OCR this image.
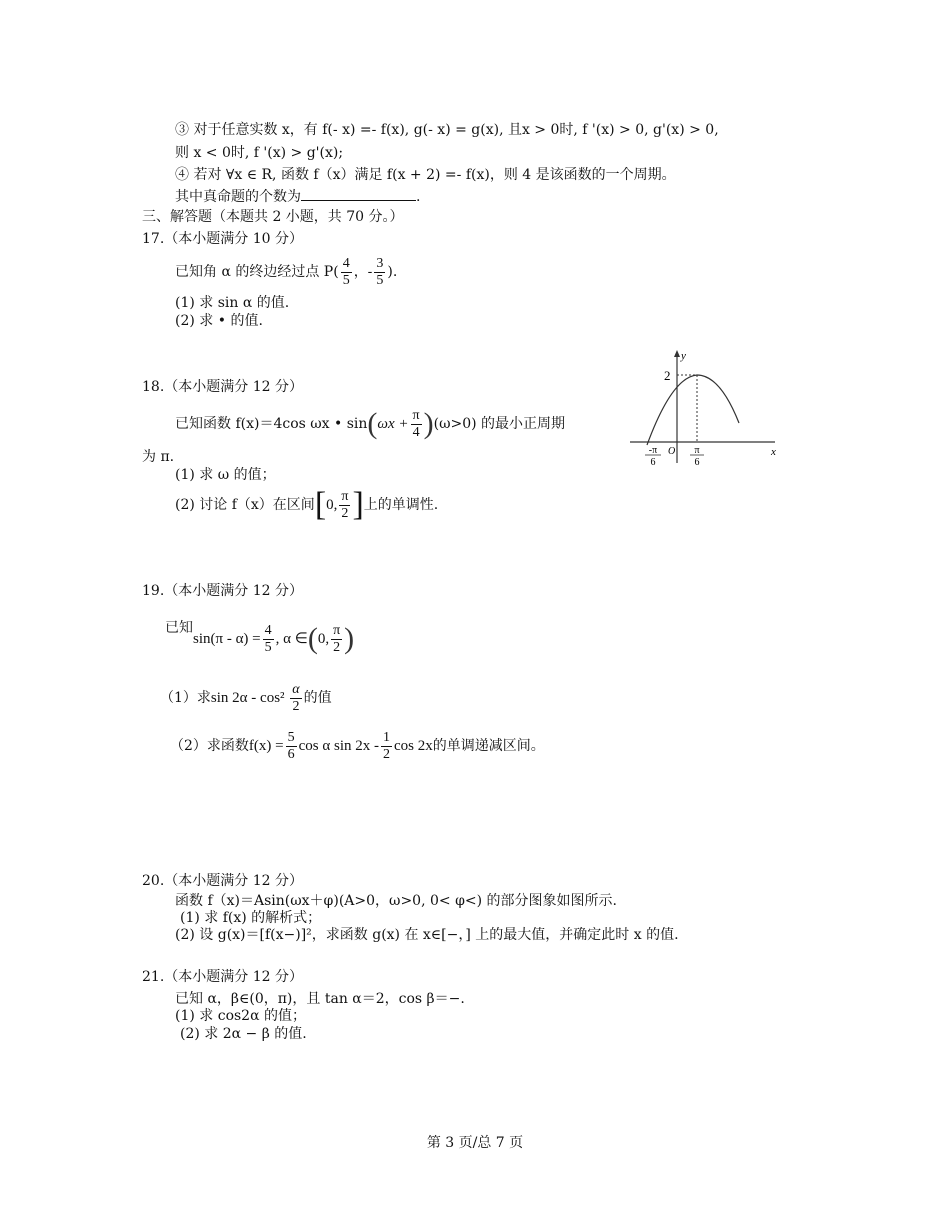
③ 对于任意实数 x，有 f(- x) =- f(x), g(- x) = g(x), 且x > 0时, f '(x) > 0, g'(x) > 0,
则 x < 0时, f '(x) > g'(x);
④ 若对 ∀x ∈ R, 函数 f（x）满足 f(x + 2) =- f(x)，则 4 是该函数的一个周期。
其中真命题的个数为	.
三、解答题（本题共 2 小题，共 70 分。）
17.（本小题满分 10 分）
已知角 α 的终边经过点 $P( \frac{4}{5}$ ，- $\frac{3}{5}$ ).
(1) 求 sin α 的值.
(2) 求 • 的值.
18.（本小题满分 12 分）
已知函数 f(x)＝4cos ωx • $\sin(\omega x + \frac{\pi}{4} )(\omega>0)$ 的最小正周期
为 π.
(1) 求 ω 的值；
(2) 讨论 f（x）在区间[0, $\frac{\pi}{2}$ ]上的单调性.
y
x
2
O
-π
6
π
6
19.（本小题满分 12 分）
已知$\sin(\pi - \alpha) = \frac{4}{5}$ , α ∈(0, $\frac{\pi}{2}$ )
（1）求$\sin 2\alpha - \cos^2 \frac{\alpha}{2}$ 的值
（2）求函数$f(x) = \frac{5}{6}$ cos α $\sin 2x - \frac{1}{2}$ cos 2x的单调递减区间。
20.（本小题满分 12 分）
函数 f（x)＝Asin(ωx＋φ)(A>0，ω>0, 0< φ<) 的部分图象如图所示.
(1) 求 f(x) 的解析式；
(2) 设 g(x)＝[f(x−)]²，求函数 g(x) 在 x∈[−，] 上的最大值，并确定此时 x 的值.
21.（本小题满分 12 分）
已知 α，β∈(0，π)，且 tan α＝2，cos β＝−.
(1) 求 cos2α 的值；
(2) 求 2α − β 的值.
第 3 页/总 7 页
